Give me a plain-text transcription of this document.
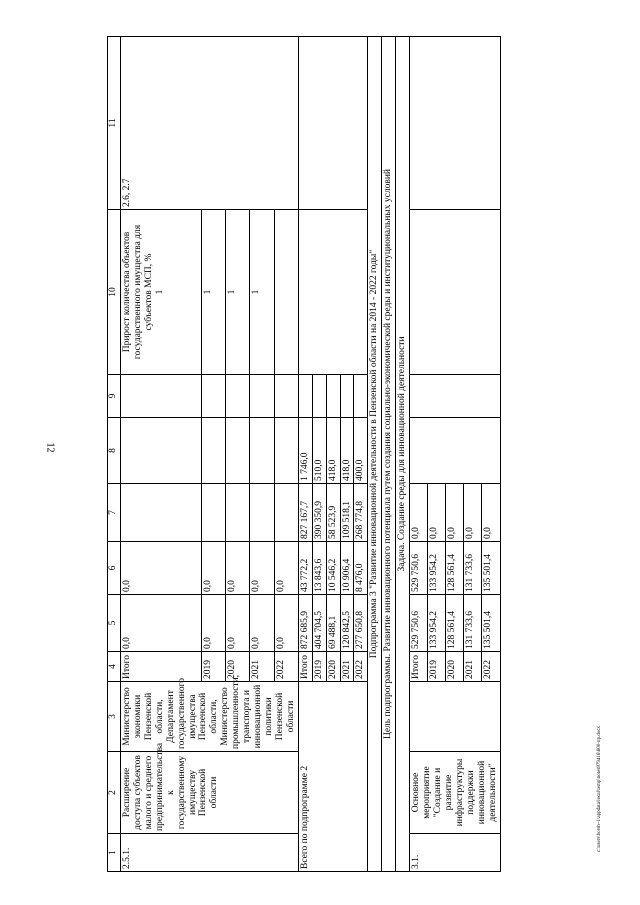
12
c:\users\borsh~1\appdata\local\temp\notes879416\600-пр.docx
1	2	3	4	5	6	7	8	9	10	11
2.5.1.	Расширение доступа субъектов малого и среднего предпринимательства к государственному имуществу Пензенской области	Министерство экономики Пензенской области, Департамент государственного имущества Пензенской области, Министерство промышленности, транспорта и инновационной политики Пензенской области	Итого	0,0	0,0				Прирост количества объектов государственного имущества для субъектов МСП, % 1	2.6, 2.7
			2019	0,0	0,0				1	
			2020	0,0	0,0				1	
			2021	0,0	0,0				1	
			2022	0,0	0,0					
Всего по подпрограмме 2			Итого	872 685,9	43 772,2	827 167,7	1 746,0			
			2019	404 704,5	13 843,6	390 350,9	510,0			
			2020	69 488,1	10 546,2	58 523,9	418,0			
			2021	120 842,5	10 906,4	109 518,1	418,0			
			2022	277 650,8	8 476,0	268 774,8	400,0			
Подпрограмма 3 "Развитие инновационной деятельности в Пензенской области на 2014 - 2022 годы"										
Цель подпрограммы. Развитие инновационного потенциала путем создания социально-экономической среды и институциональных условий										
Задача. Создание среды для инновационной деятельности										
3.1.	Основное мероприятие "Создание и развитие инфраструктуры поддержки инновационной деятельности"		Итого	529 750,6	529 750,6	0,0				
			2019	133 954,2	133 954,2	0,0				
			2020	128 561,4	128 561,4	0,0				
			2021	131 733,6	131 733,6	0,0				
			2022	135 501,4	135 501,4	0,0				
